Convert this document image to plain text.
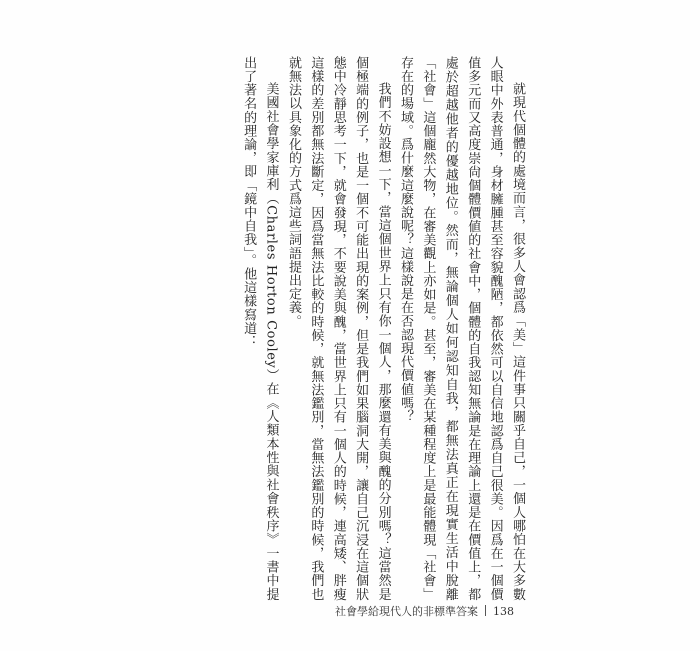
就現代個體的處境而言，很多人會認爲「美」這件事只關乎自己，一個人哪怕在大多數人眼中外表普通，身材臃腫甚至容貌醜陋，都依然可以自信地認爲自己很美。因爲在一個價值多元而又高度崇尙個體價値的社會中，個體的自我認知無論是在理論上還是在價值上，都處於超越他者的優越地位。然而，無論個人如何認知自我，都無法真正在現實生活中脫離「社會」這個龐然大物，在審美觀上亦如是。甚至，審美在某種程度上是最能體現「社會」存在的場域。爲什麼這麼說呢？這樣說是在否認現代價値嗎？

我們不妨設想一下，當這個世界上只有你一個人，那麼還有美與醜的分別嗎？這當然是個極端的例子，也是一個不可能出現的案例，但是我們如果腦洞大開，讓自己沉浸在這個狀態中冷靜思考一下，就會發現，不要說美與醜，當世界上只有一個人的時候，連高矮、胖瘦這樣的差別都無法斷定，因爲當無法比較的時候，就無法鑑別，當無法鑑別的時候，我們也就無法以具象化的方式爲這些詞語提出定義。

美國社會學家庫利（Charles Horton Cooley）在《人類本性與社會秩序》一書中提出了著名的理論，即「鏡中自我」。他這樣寫道：

社會學給現代人的非標準答案 138
